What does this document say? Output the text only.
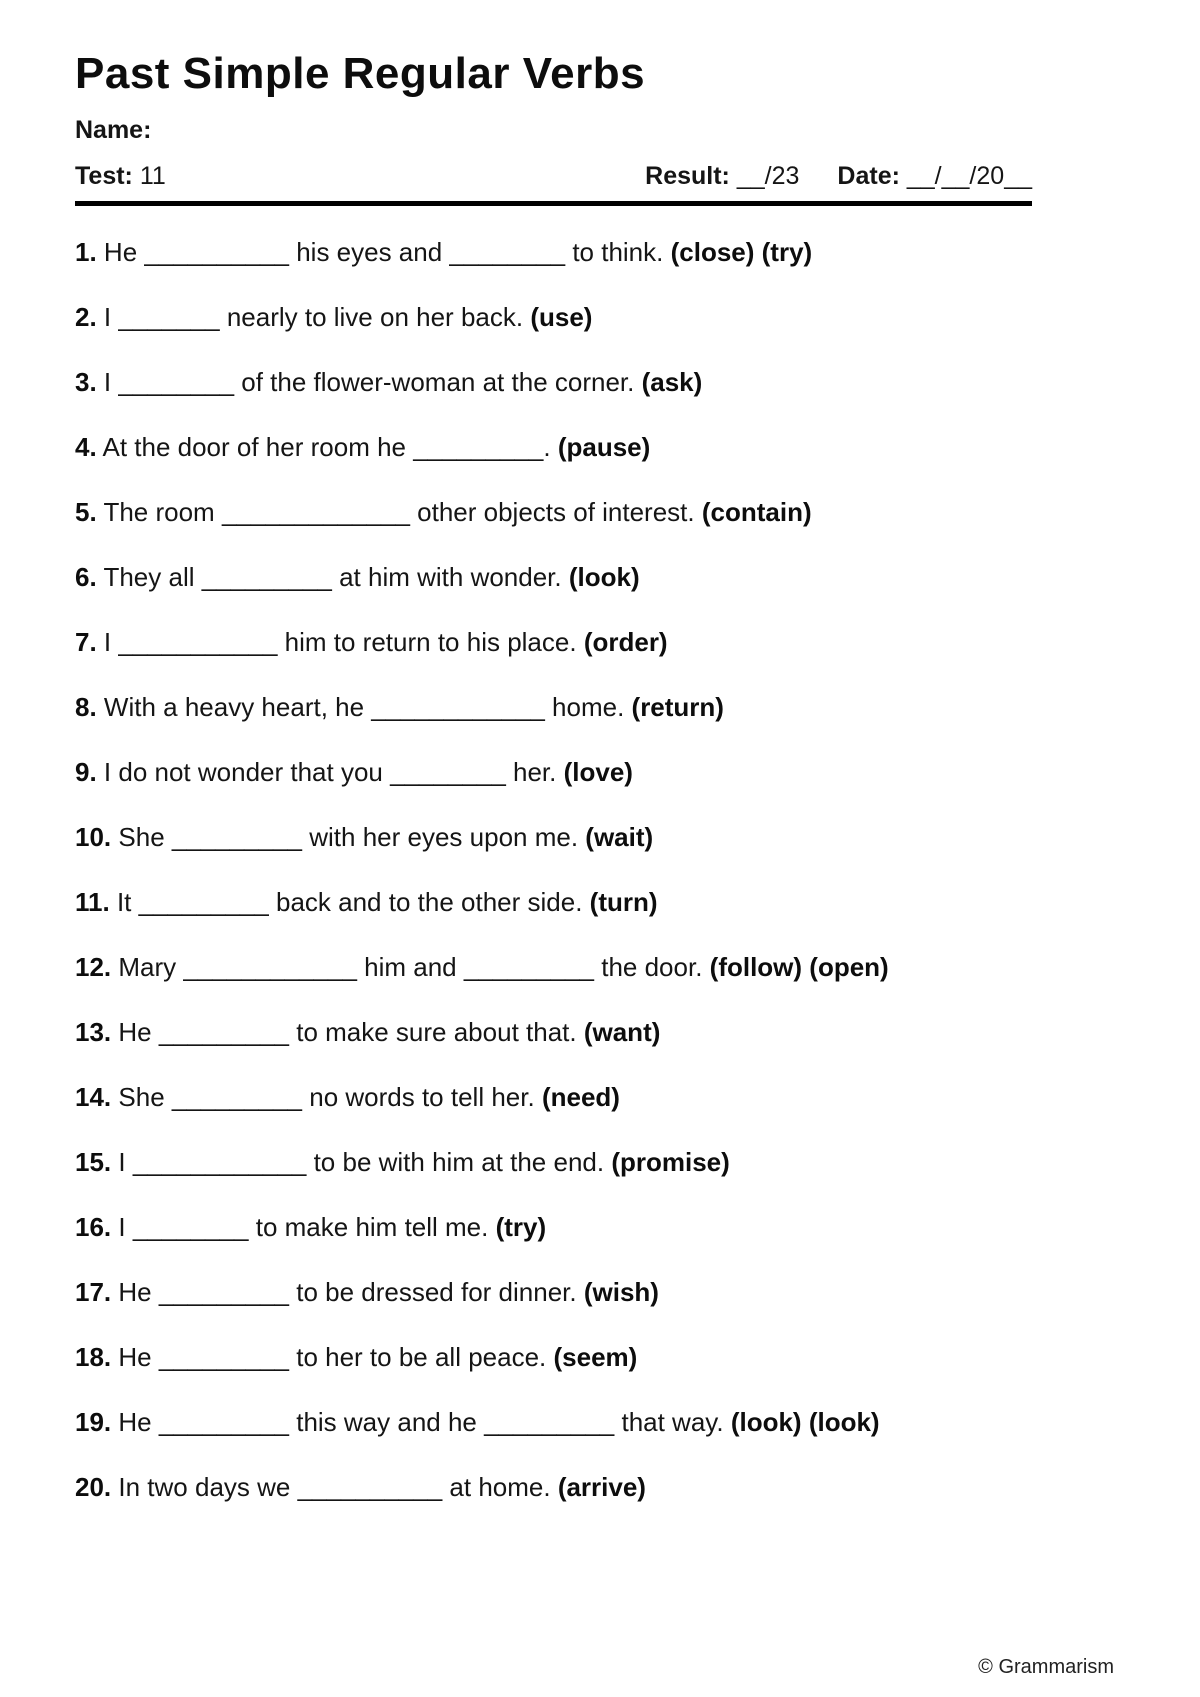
Past Simple Regular Verbs
Name:
Test: 11	Result: __/23 Date: __/__/20__
1. He __________ his eyes and ________ to think. (close) (try)
2. I _______ nearly to live on her back. (use)
3. I ________ of the flower-woman at the corner. (ask)
4. At the door of her room he _________. (pause)
5. The room _____________ other objects of interest. (contain)
6. They all _________ at him with wonder. (look)
7. I ___________ him to return to his place. (order)
8. With a heavy heart, he ____________ home. (return)
9. I do not wonder that you ________ her. (love)
10. She _________ with her eyes upon me. (wait)
11. It _________ back and to the other side. (turn)
12. Mary ____________ him and _________ the door. (follow) (open)
13. He _________ to make sure about that. (want)
14. She _________ no words to tell her. (need)
15. I ____________ to be with him at the end. (promise)
16. I ________ to make him tell me. (try)
17. He _________ to be dressed for dinner. (wish)
18. He _________ to her to be all peace. (seem)
19. He _________ this way and he _________ that way. (look) (look)
20. In two days we __________ at home. (arrive)
© Grammarism
